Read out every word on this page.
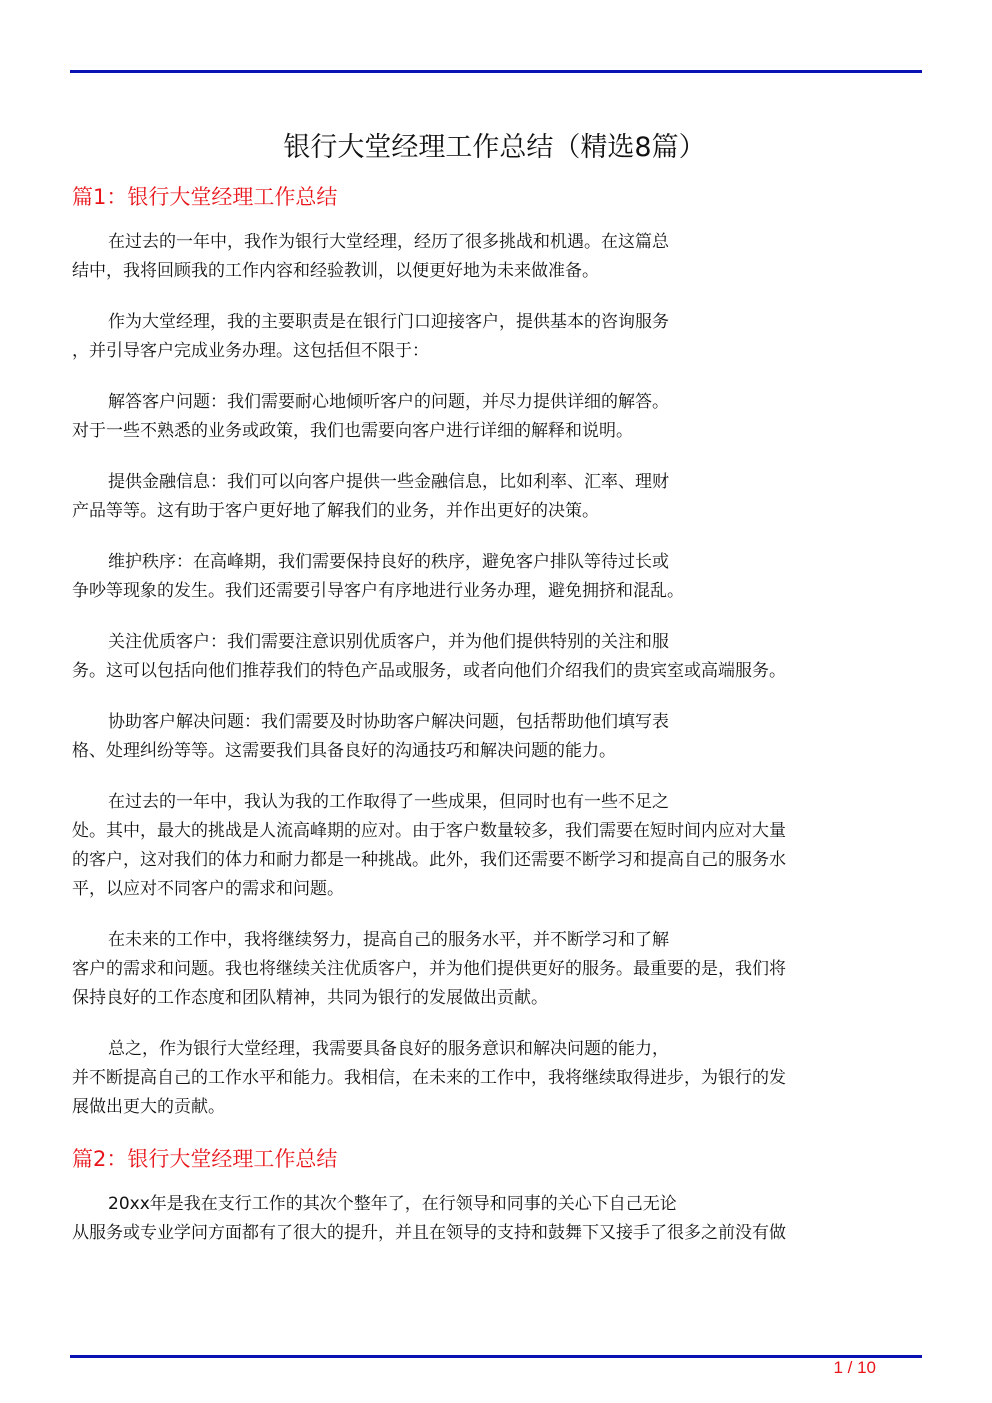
银行大堂经理工作总结（精选8篇）
篇1：银行大堂经理工作总结
在过去的一年中，我作为银行大堂经理，经历了很多挑战和机遇。在这篇总
结中，我将回顾我的工作内容和经验教训，以便更好地为未来做准备。
作为大堂经理，我的主要职责是在银行门口迎接客户，提供基本的咨询服务
，并引导客户完成业务办理。这包括但不限于：
解答客户问题：我们需要耐心地倾听客户的问题，并尽力提供详细的解答。
对于一些不熟悉的业务或政策，我们也需要向客户进行详细的解释和说明。
提供金融信息：我们可以向客户提供一些金融信息，比如利率、汇率、理财
产品等等。这有助于客户更好地了解我们的业务，并作出更好的决策。
维护秩序：在高峰期，我们需要保持良好的秩序，避免客户排队等待过长或
争吵等现象的发生。我们还需要引导客户有序地进行业务办理，避免拥挤和混乱。
关注优质客户：我们需要注意识别优质客户，并为他们提供特别的关注和服
务。这可以包括向他们推荐我们的特色产品或服务，或者向他们介绍我们的贵宾室或高端服务。
协助客户解决问题：我们需要及时协助客户解决问题，包括帮助他们填写表
格、处理纠纷等等。这需要我们具备良好的沟通技巧和解决问题的能力。
在过去的一年中，我认为我的工作取得了一些成果，但同时也有一些不足之
处。其中，最大的挑战是人流高峰期的应对。由于客户数量较多，我们需要在短时间内应对大量
的客户，这对我们的体力和耐力都是一种挑战。此外，我们还需要不断学习和提高自己的服务水
平，以应对不同客户的需求和问题。
在未来的工作中，我将继续努力，提高自己的服务水平，并不断学习和了解
客户的需求和问题。我也将继续关注优质客户，并为他们提供更好的服务。最重要的是，我们将
保持良好的工作态度和团队精神，共同为银行的发展做出贡献。
总之，作为银行大堂经理，我需要具备良好的服务意识和解决问题的能力，
并不断提高自己的工作水平和能力。我相信，在未来的工作中，我将继续取得进步，为银行的发
展做出更大的贡献。
篇2：银行大堂经理工作总结
20xx年是我在支行工作的其次个整年了，在行领导和同事的关心下自己无论
从服务或专业学问方面都有了很大的提升，并且在领导的支持和鼓舞下又接手了很多之前没有做
1 / 10
